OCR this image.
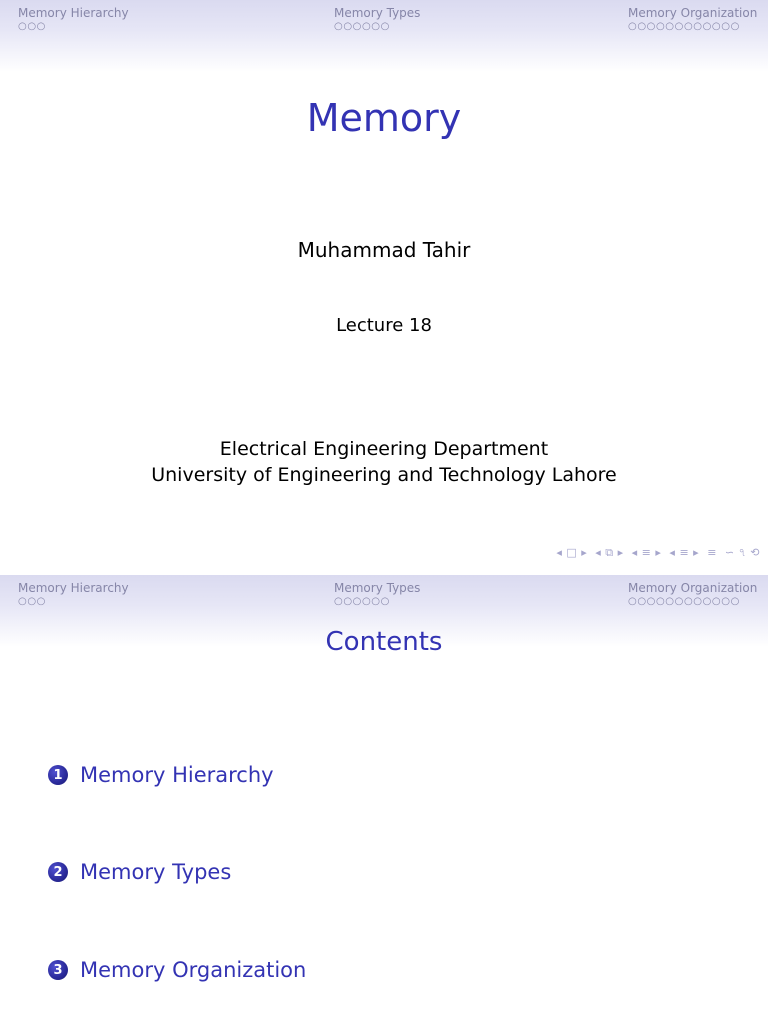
Memory Hierarchy
○○○
Memory Types
○○○○○○
Memory Organization
○○○○○○○○○○○○
Memory
Muhammad Tahir
Lecture 18
Electrical Engineering Department
University of Engineering and Technology Lahore
◂ □ ▸ ◂ ⧉ ▸ ◂ ≡ ▸ ◂ ≡ ▸ ≡ ∽ ৭ ⟲
Memory Hierarchy
○○○
Memory Types
○○○○○○
Memory Organization
○○○○○○○○○○○○
Contents
1 Memory Hierarchy
2 Memory Types
3 Memory Organization
